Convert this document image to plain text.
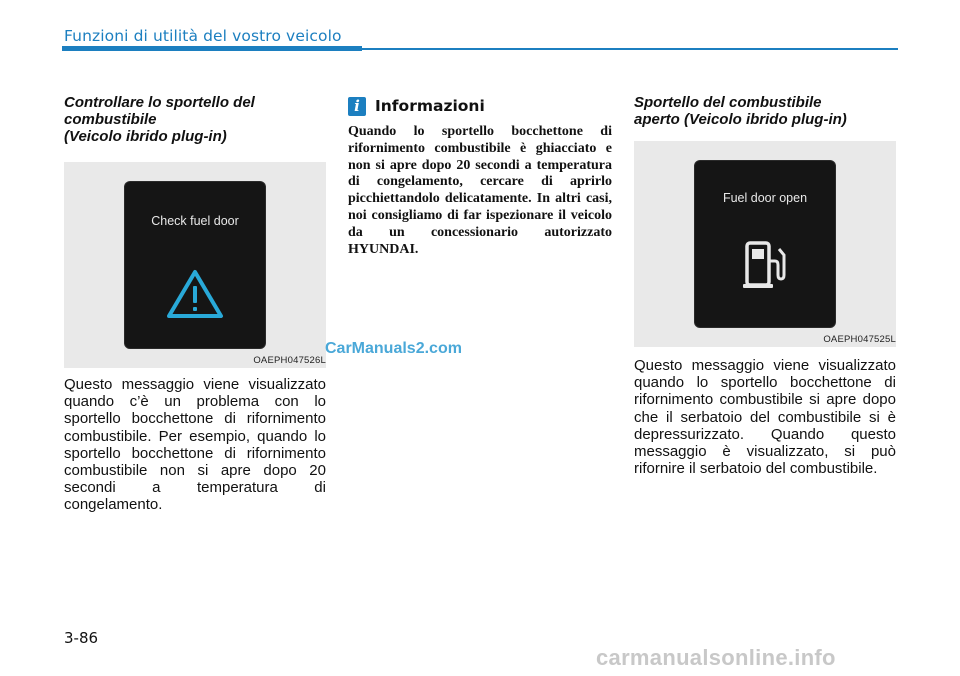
Funzioni di utilità del vostro veicolo
Controllare lo sportello del
combustibile
(Veicolo ibrido plug-in)
Check fuel door
OAEPH047526L

Questo messaggio viene visualizzato quando c’è un problema con lo sportello bocchettone di rifornimento combustibile. Per esempio, quando lo sportello bocchettone di rifornimento combustibile non si apre dopo 20 secondi a temperatura di congelamento.

i Informazioni

Quando lo sportello bocchettone di rifornimento combustibile è ghiacciato e non si apre dopo 20 secondi a temperatura di congelamento, cercare di aprirlo picchiettandolo delicatamente. In altri casi, noi consigliamo di far ispezionare il veicolo da un concessionario autorizzato HYUNDAI.

Sportello del combustibile
aperto (Veicolo ibrido plug-in)
Fuel door open
OAEPH047525L

Questo messaggio viene visualizzato quando lo sportello bocchettone di rifornimento combustibile si apre dopo che il serbatoio del combustibile si è depressurizzato. Quando questo messaggio è visualizzato, si può rifornire il serbatoio del combustibile.

CarManuals2.com
3-86
carmanualsonline.info
